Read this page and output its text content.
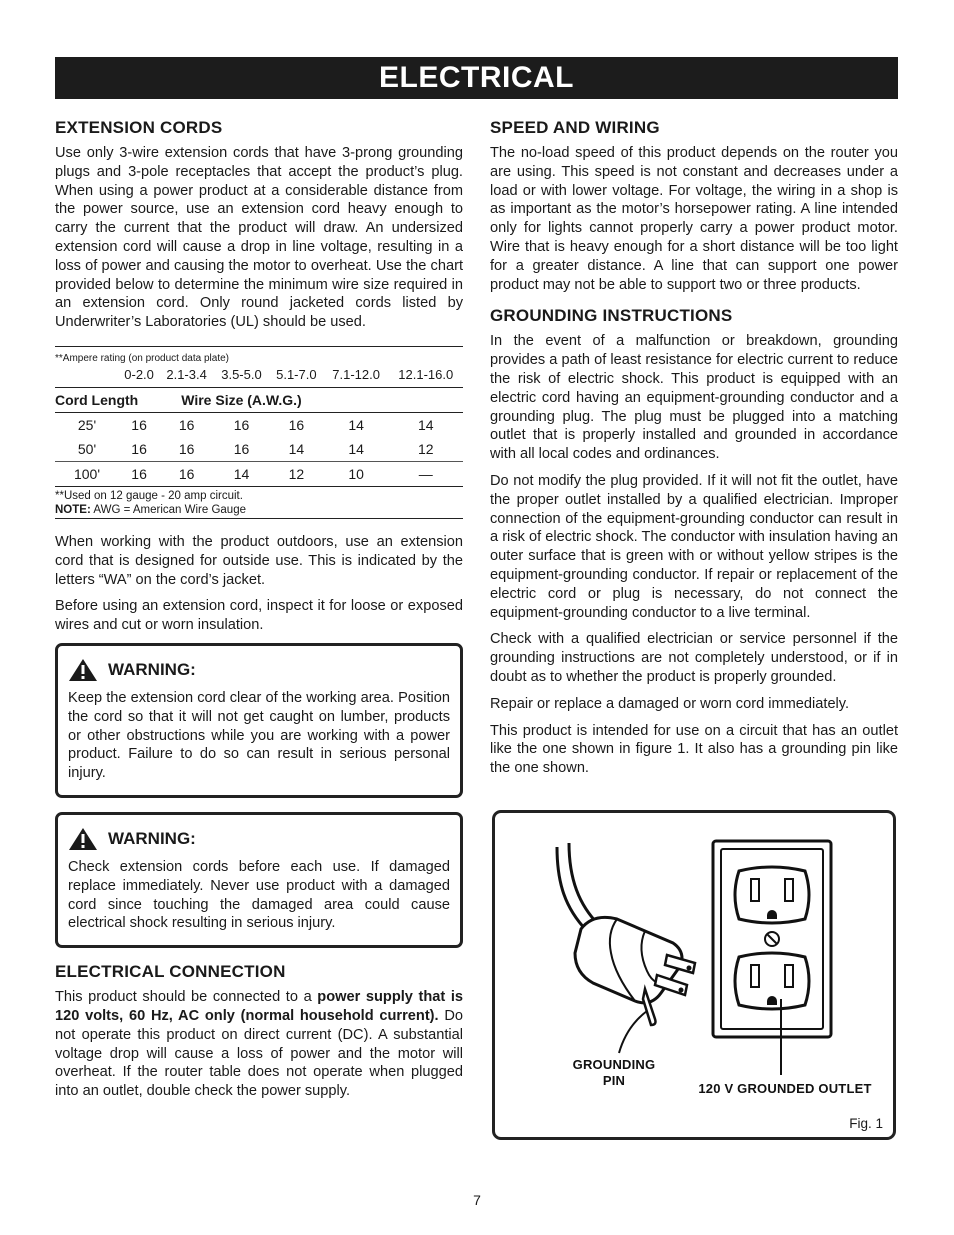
ELECTRICAL
EXTENSION CORDS

Use only 3-wire extension cords that have 3-prong grounding plugs and 3-pole receptacles that accept the product’s plug. When using a power product at a considerable distance from the power source, use an extension cord heavy enough to carry the current that the product will draw. An undersized extension cord will cause a drop in line voltage, resulting in a loss of power and causing the motor to overheat. Use the chart provided below to determine the minimum wire size required in an extension cord. Only round jacketed cords listed by Underwriter’s Laboratories (UL) should be used.

**Ampere rating (on product data plate)						
	0-2.0	2.1-3.4	3.5-5.0	5.1-7.0	7.1-12.0	12.1-16.0
Cord Length		Wire Size (A.W.G.)				
25'	16	16	16	16	14	14
50'	16	16	16	14	14	12
100'	16	16	14	12	10	—

**Used on 12 gauge - 20 amp circuit.
NOTE: AWG = American Wire Gauge						

When working with the product outdoors, use an extension cord that is designed for outside use. This is indicated by the letters “WA” on the cord’s jacket.

Before using an extension cord, inspect it for loose or exposed wires and cut or worn insulation.

WARNING:

Keep the extension cord clear of the working area. Position the cord so that it will not get caught on lumber, products or other obstructions while you are working with a power product. Failure to do so can result in serious personal injury.

WARNING:

Check extension cords before each use. If damaged replace immediately. Never use product with a damaged cord since touching the damaged area could cause electrical shock resulting in serious injury.

ELECTRICAL CONNECTION

This product should be connected to a power supply that is 120 volts, 60 Hz, AC only (normal household current). Do not operate this product on direct current (DC). A substantial voltage drop will cause a loss of power and the motor will overheat. If the router table does not operate when plugged into an outlet, double check the power supply.

SPEED AND WIRING

The no-load speed of this product depends on the router you are using. This speed is not constant and decreases under a load or with lower voltage. For voltage, the wiring in a shop is as important as the motor’s horsepower rating. A line intended only for lights cannot properly carry a power product motor. Wire that is heavy enough for a short distance will be too light for a greater distance. A line that can support one power product may not be able to support two or three products.

GROUNDING INSTRUCTIONS

In the event of a malfunction or breakdown, grounding provides a path of least resistance for electric current to reduce the risk of electric shock. This product is equipped with an electric cord having an equipment-grounding conductor and a grounding plug. The plug must be plugged into a matching outlet that is properly installed and grounded in accordance with all local codes and ordinances.

Do not modify the plug provided. If it will not fit the outlet, have the proper outlet installed by a qualified electrician. Improper connection of the equipment-grounding conductor can result in a risk of electric shock. The conductor with insulation having an outer surface that is green with or without yellow stripes is the equipment-grounding conductor. If repair or replacement of the electric cord or plug is necessary, do not connect the equipment-grounding conductor to a live terminal.

Check with a qualified electrician or service personnel if the grounding instructions are not completely understood, or if in doubt as to whether the product is properly grounded.

Repair or replace a damaged or worn cord immediately.

This product is intended for use on a circuit that has an outlet like the one shown in figure 1. It also has a grounding pin like the one shown.

GROUNDING
PIN
120 V GROUNDED OUTLET
Fig. 1
7
